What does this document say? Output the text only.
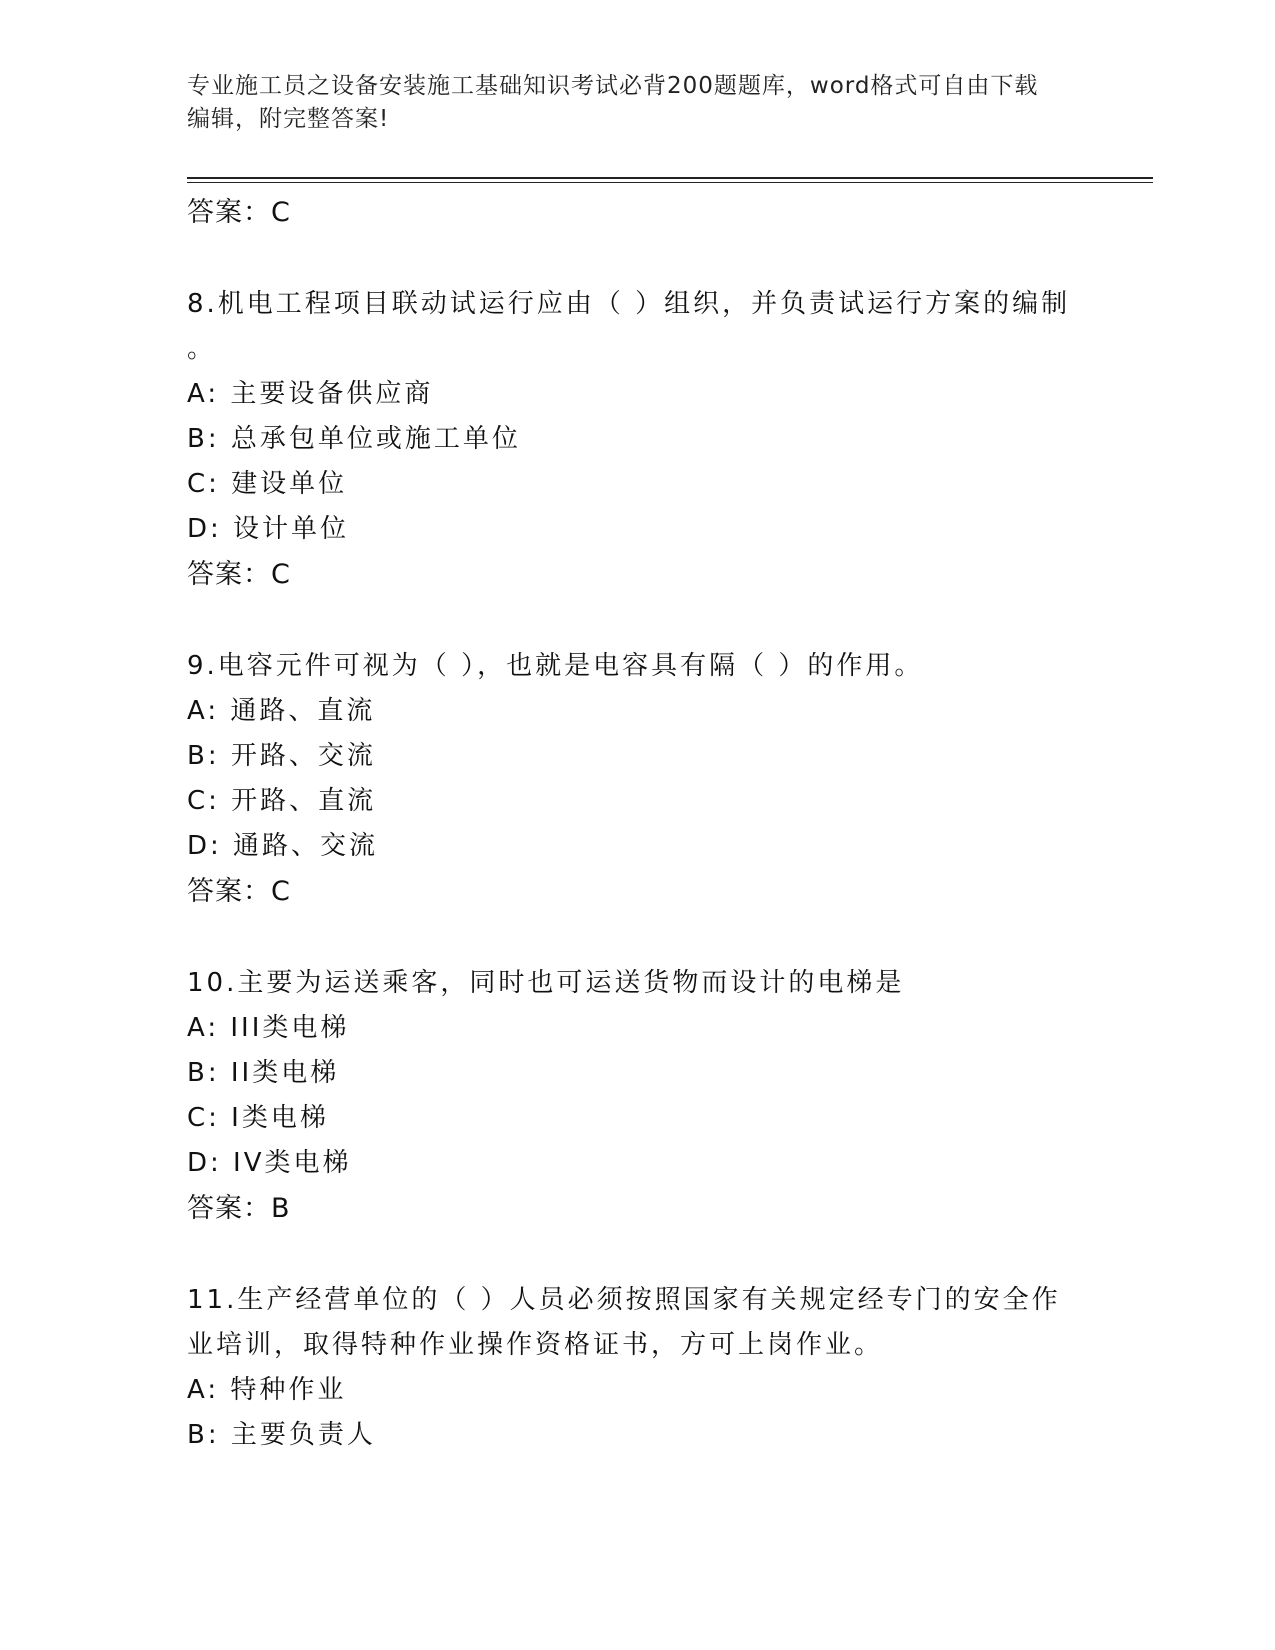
专业施工员之设备安装施工基础知识考试必背200题题库，word格式可自由下载
编辑，附完整答案!
答案：C
8.机电工程项目联动试运行应由（ ）组织，并负责试运行方案的编制
。
A: 主要设备供应商
B: 总承包单位或施工单位
C: 建设单位
D: 设计单位
答案：C
9.电容元件可视为（ ），也就是电容具有隔（ ）的作用。
A: 通路、直流
B: 开路、交流
C: 开路、直流
D: 通路、交流
答案：C
10.主要为运送乘客，同时也可运送货物而设计的电梯是
A: III类电梯
B: II类电梯
C: I类电梯
D: IV类电梯
答案：B
11.生产经营单位的（ ）人员必须按照国家有关规定经专门的安全作
业培训，取得特种作业操作资格证书，方可上岗作业。
A: 特种作业
B: 主要负责人
